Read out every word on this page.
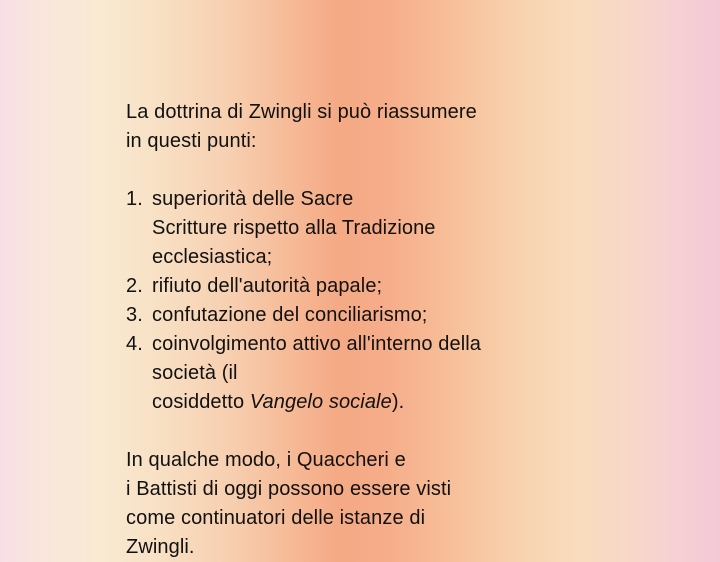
La dottrina di Zwingli si può riassumere
in questi punti:

1. superiorità delle Sacre
Scritture rispetto alla Tradizione
ecclesiastica;
2. rifiuto dell'autorità papale;
3. confutazione del conciliarismo;
4. coinvolgimento attivo all'interno della
società (il
cosiddetto Vangelo sociale).

In qualche modo, i Quaccheri e
i Battisti di oggi possono essere visti
come continuatori delle istanze di
Zwingli.
